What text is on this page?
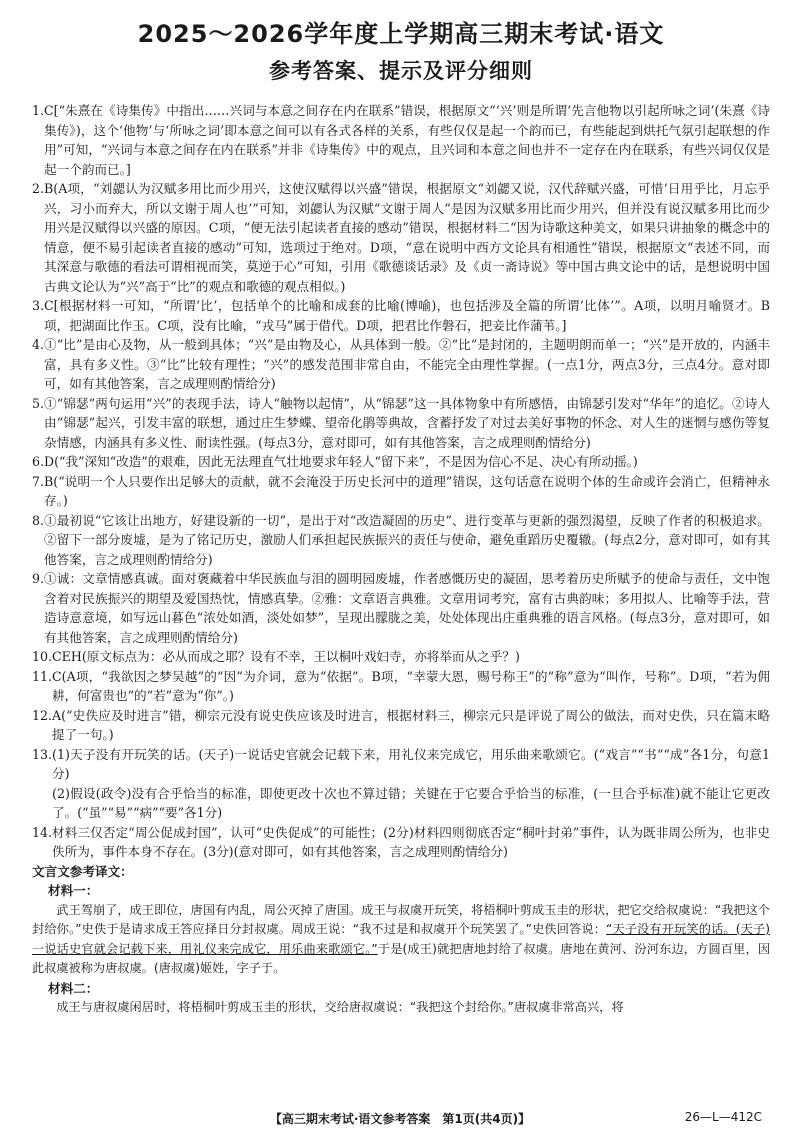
2025～2026学年度上学期高三期末考试·语文
参考答案、提示及评分细则
1. C[“朱熹在《诗集传》中指出……兴词与本意之间存在内在联系”错误，根据原文“‘兴’则是所谓‘先言他物以引起所咏之词’(朱熹《诗集传》)，这个‘他物’与‘所咏之词’即本意之间可以有各式各样的关系，有些仅仅是起一个韵而已，有些能起到烘托气氛引起联想的作用”可知，“兴词与本意之间存在内在联系”并非《诗集传》中的观点，且兴词和本意之间也并不一定存在内在联系，有些兴词仅仅是起一个韵而已。]
2. B(A项，“刘勰认为汉赋多用比而少用兴，这使汉赋得以兴盛”错误，根据原文“刘勰又说，汉代辞赋兴盛，可惜‘日用乎比，月忘乎兴，习小而弃大，所以文谢于周人也’”可知，刘勰认为汉赋“文谢于周人”是因为汉赋多用比而少用兴，但并没有说汉赋多用比而少用兴是汉赋得以兴盛的原因。C项，“便无法引起读者直接的感动”错误，根据材料二“因为诗歌这种美文，如果只讲抽象的概念中的情意，便不易引起读者直接的感动”可知，选项过于绝对。D项，“意在说明中西方文论具有相通性”错误，根据原文“表述不同，而其深意与歌德的看法可谓相视而笑，莫逆于心”可知，引用《歌德谈话录》及《贞一斋诗说》等中国古典文论中的话，是想说明中国古典文论认为“兴”高于“比”的观点和歌德的观点相似。)
3. C[根据材料一可知，“所谓‘比’，包括单个的比喻和成套的比喻(博喻)，也包括涉及全篇的所谓‘比体’”。A项，以明月喻贤才。B项，把湖面比作玉。C项，没有比喻，“戎马”属于借代。D项，把君比作磐石，把妾比作蒲苇。]
4. ①“比”是由心及物，从一般到具体；“兴”是由物及心，从具体到一般。②“比”是封闭的，主题明朗而单一；“兴”是开放的，内涵丰富，具有多义性。③“比”比较有理性；“兴”的感发范围非常自由，不能完全由理性掌握。(一点1分，两点3分，三点4分。意对即可，如有其他答案，言之成理则酌情给分)
5. ①“锦瑟”两句运用“兴”的表现手法，诗人“触物以起情”，从“锦瑟”这一具体物象中有所感悟，由锦瑟引发对“华年”的追忆。②诗人由“锦瑟”起兴，引发丰富的联想，通过庄生梦蝶、望帝化鹃等典故，含蓄抒发了对过去美好事物的怀念、对人生的迷惘与感伤等复杂情感，内涵具有多义性、耐读性强。(每点3分，意对即可，如有其他答案，言之成理则酌情给分)
6. D(“我”深知“改造”的艰难，因此无法理直气壮地要求年轻人“留下来”，不是因为信心不足、决心有所动摇。)
7. B(“说明一个人只要作出足够大的贡献，就不会淹没于历史长河中的道理”错误，这句话意在说明个体的生命或许会消亡，但精神永存。)
8. ①最初说“它该让出地方，好建设新的一切”，是出于对“改造凝固的历史”、进行变革与更新的强烈渴望，反映了作者的积极追求。②留下一部分废墟，是为了铭记历史，激励人们承担起民族振兴的责任与使命，避免重蹈历史覆辙。(每点2分，意对即可，如有其他答案，言之成理则酌情给分)
9. ①诚：文章情感真诚。面对褒藏着中华民族血与泪的圆明园废墟，作者感慨历史的凝固，思考着历史所赋予的使命与责任，文中饱含着对民族振兴的期望及爱国热忱，情感真挚。②雅：文章语言典雅。文章用词考究，富有古典韵味；多用拟人、比喻等手法，营造诗意意境，如写远山暮色“浓处如酒，淡处如梦”，呈现出朦胧之美，处处体现出庄重典雅的语言风格。(每点3分，意对即可，如有其他答案，言之成理则酌情给分)
10. CEH(原文标点为：必从而成之耶？设有不幸，王以桐叶戏妇寺，亦将举而从之乎？)
11. C(A项，“我欲因之梦吴越”的“因”为介词，意为“依据”。B项，“幸蒙大恩，赐号称王”的“称”意为“叫作，号称”。D项，“若为佣耕，何富贵也”的“若”意为“你”。)
12. A(“史佚应及时进言”错，柳宗元没有说史佚应该及时进言，根据材料三，柳宗元只是评说了周公的做法，而对史佚，只在篇末略提了一句。)
13. (1)天子没有开玩笑的话。(天子)一说话史官就会记载下来，用礼仪来完成它，用乐曲来歌颂它。(“戏言”“书”“成”各1分，句意1分)
(2)假设(政令)没有合乎恰当的标准，即使更改十次也不算过错；关键在于它要合乎恰当的标准，(一旦合乎标准)就不能让它更改了。(“虽”“易”“病”“要”各1分)
14. 材料三仅否定“周公促成封国”，认可“史佚促成”的可能性；(2分)材料四则彻底否定“桐叶封弟”事件，认为既非周公所为，也非史佚所为，事件本身不存在。(3分)(意对即可，如有其他答案，言之成理则酌情给分)
文言文参考译文：
材料一：
武王驾崩了，成王即位，唐国有内乱，周公灭掉了唐国。成王与叔虞开玩笑，将梧桐叶剪成玉圭的形状，把它交给叔虞说：“我把这个封给你。”史佚于是请求成王答应择日分封叔虞。周成王说：“我不过是和叔虞开个玩笑罢了。”史佚回答说：“天子没有开玩笑的话。(天子)一说话史官就会记载下来，用礼仪来完成它，用乐曲来歌颂它。”于是(成王)就把唐地封给了叔虞。唐地在黄河、汾河东边，方圆百里，因此叔虞被称为唐叔虞。(唐叔虞)姬姓，字子于。
材料二：
成王与唐叔虞闲居时，将梧桐叶剪成玉圭的形状，交给唐叔虞说：“我把这个封给你。”唐叔虞非常高兴，将
【高三期末考试·语文参考答案　第1页(共4页)】	26—L—412C
